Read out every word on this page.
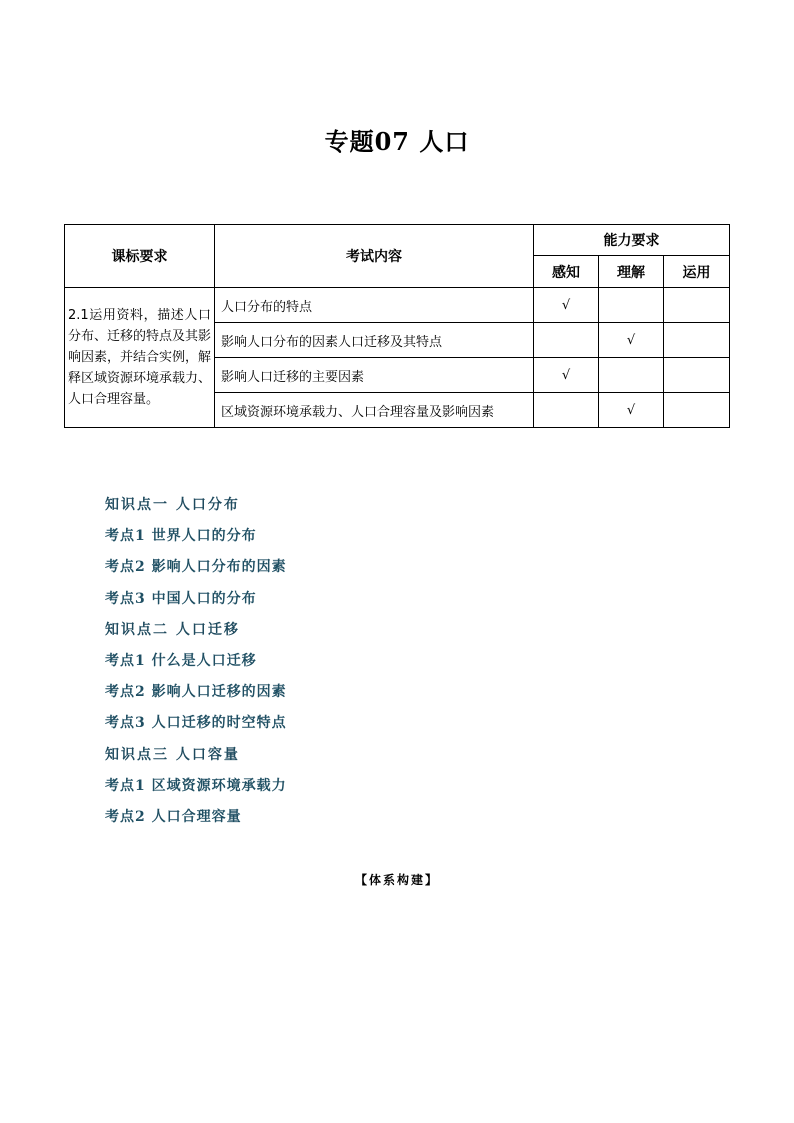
专题07 人口
课标要求	考试内容	能力要求		
		感知	理解	运用
2.1运用资料，描述人口分布、迁移的特点及其影响因素，并结合实例，解释区域资源环境承载力、人口合理容量。	人口分布的特点	√		
	影响人口分布的因素人口迁移及其特点		√	
	影响人口迁移的主要因素	√		
	区域资源环境承载力、人口合理容量及影响因素		√	
知识点一 人口分布
考点1 世界人口的分布
考点2 影响人口分布的因素
考点3 中国人口的分布
知识点二 人口迁移
考点1 什么是人口迁移
考点2 影响人口迁移的因素
考点3 人口迁移的时空特点
知识点三 人口容量
考点1 区域资源环境承载力
考点2 人口合理容量
【体系构建】
